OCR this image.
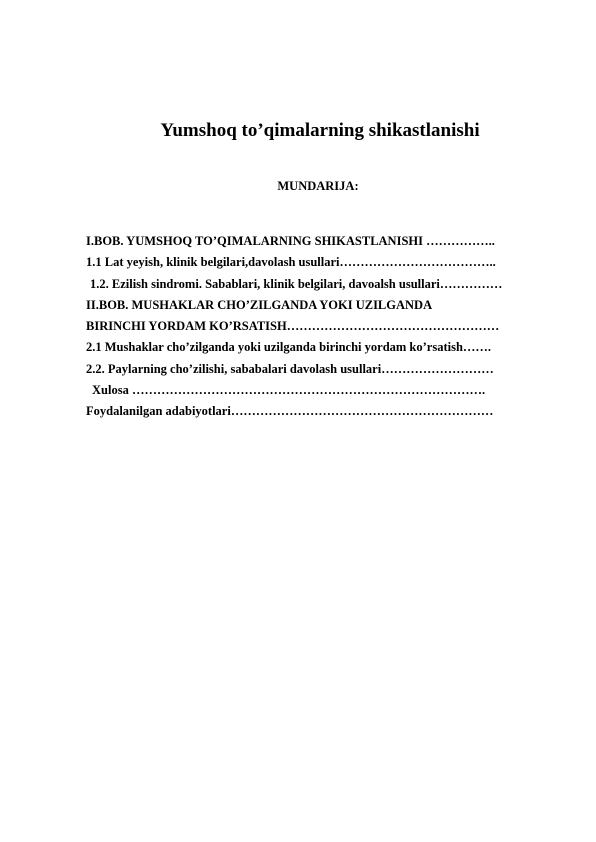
Yumshoq to’qimalarning shikastlanishi
MUNDARIJA:
I.BOB. YUMSHOQ TO’QIMALARNING SHIKASTLANISHI ……………..
1.1 Lat yeyish, klinik belgilari,davolash usullari………………………………..
1.2. Ezilish sindromi. Sabablari, klinik belgilari, davoalsh usullari……………
II.BOB. MUSHAKLAR CHO’ZILGANDA YOKI UZILGANDA
BIRINCHI YORDAM KO’RSATISH……………………………………………
2.1 Mushaklar cho’zilganda yoki uzilganda birinchi yordam ko’rsatish…….
2.2. Paylarning cho’zilishi, sababalari davolash usullari………………………
Xulosa ………………………………………………………………………….
Foydalanilgan adabiyotlari………………………………………………………
